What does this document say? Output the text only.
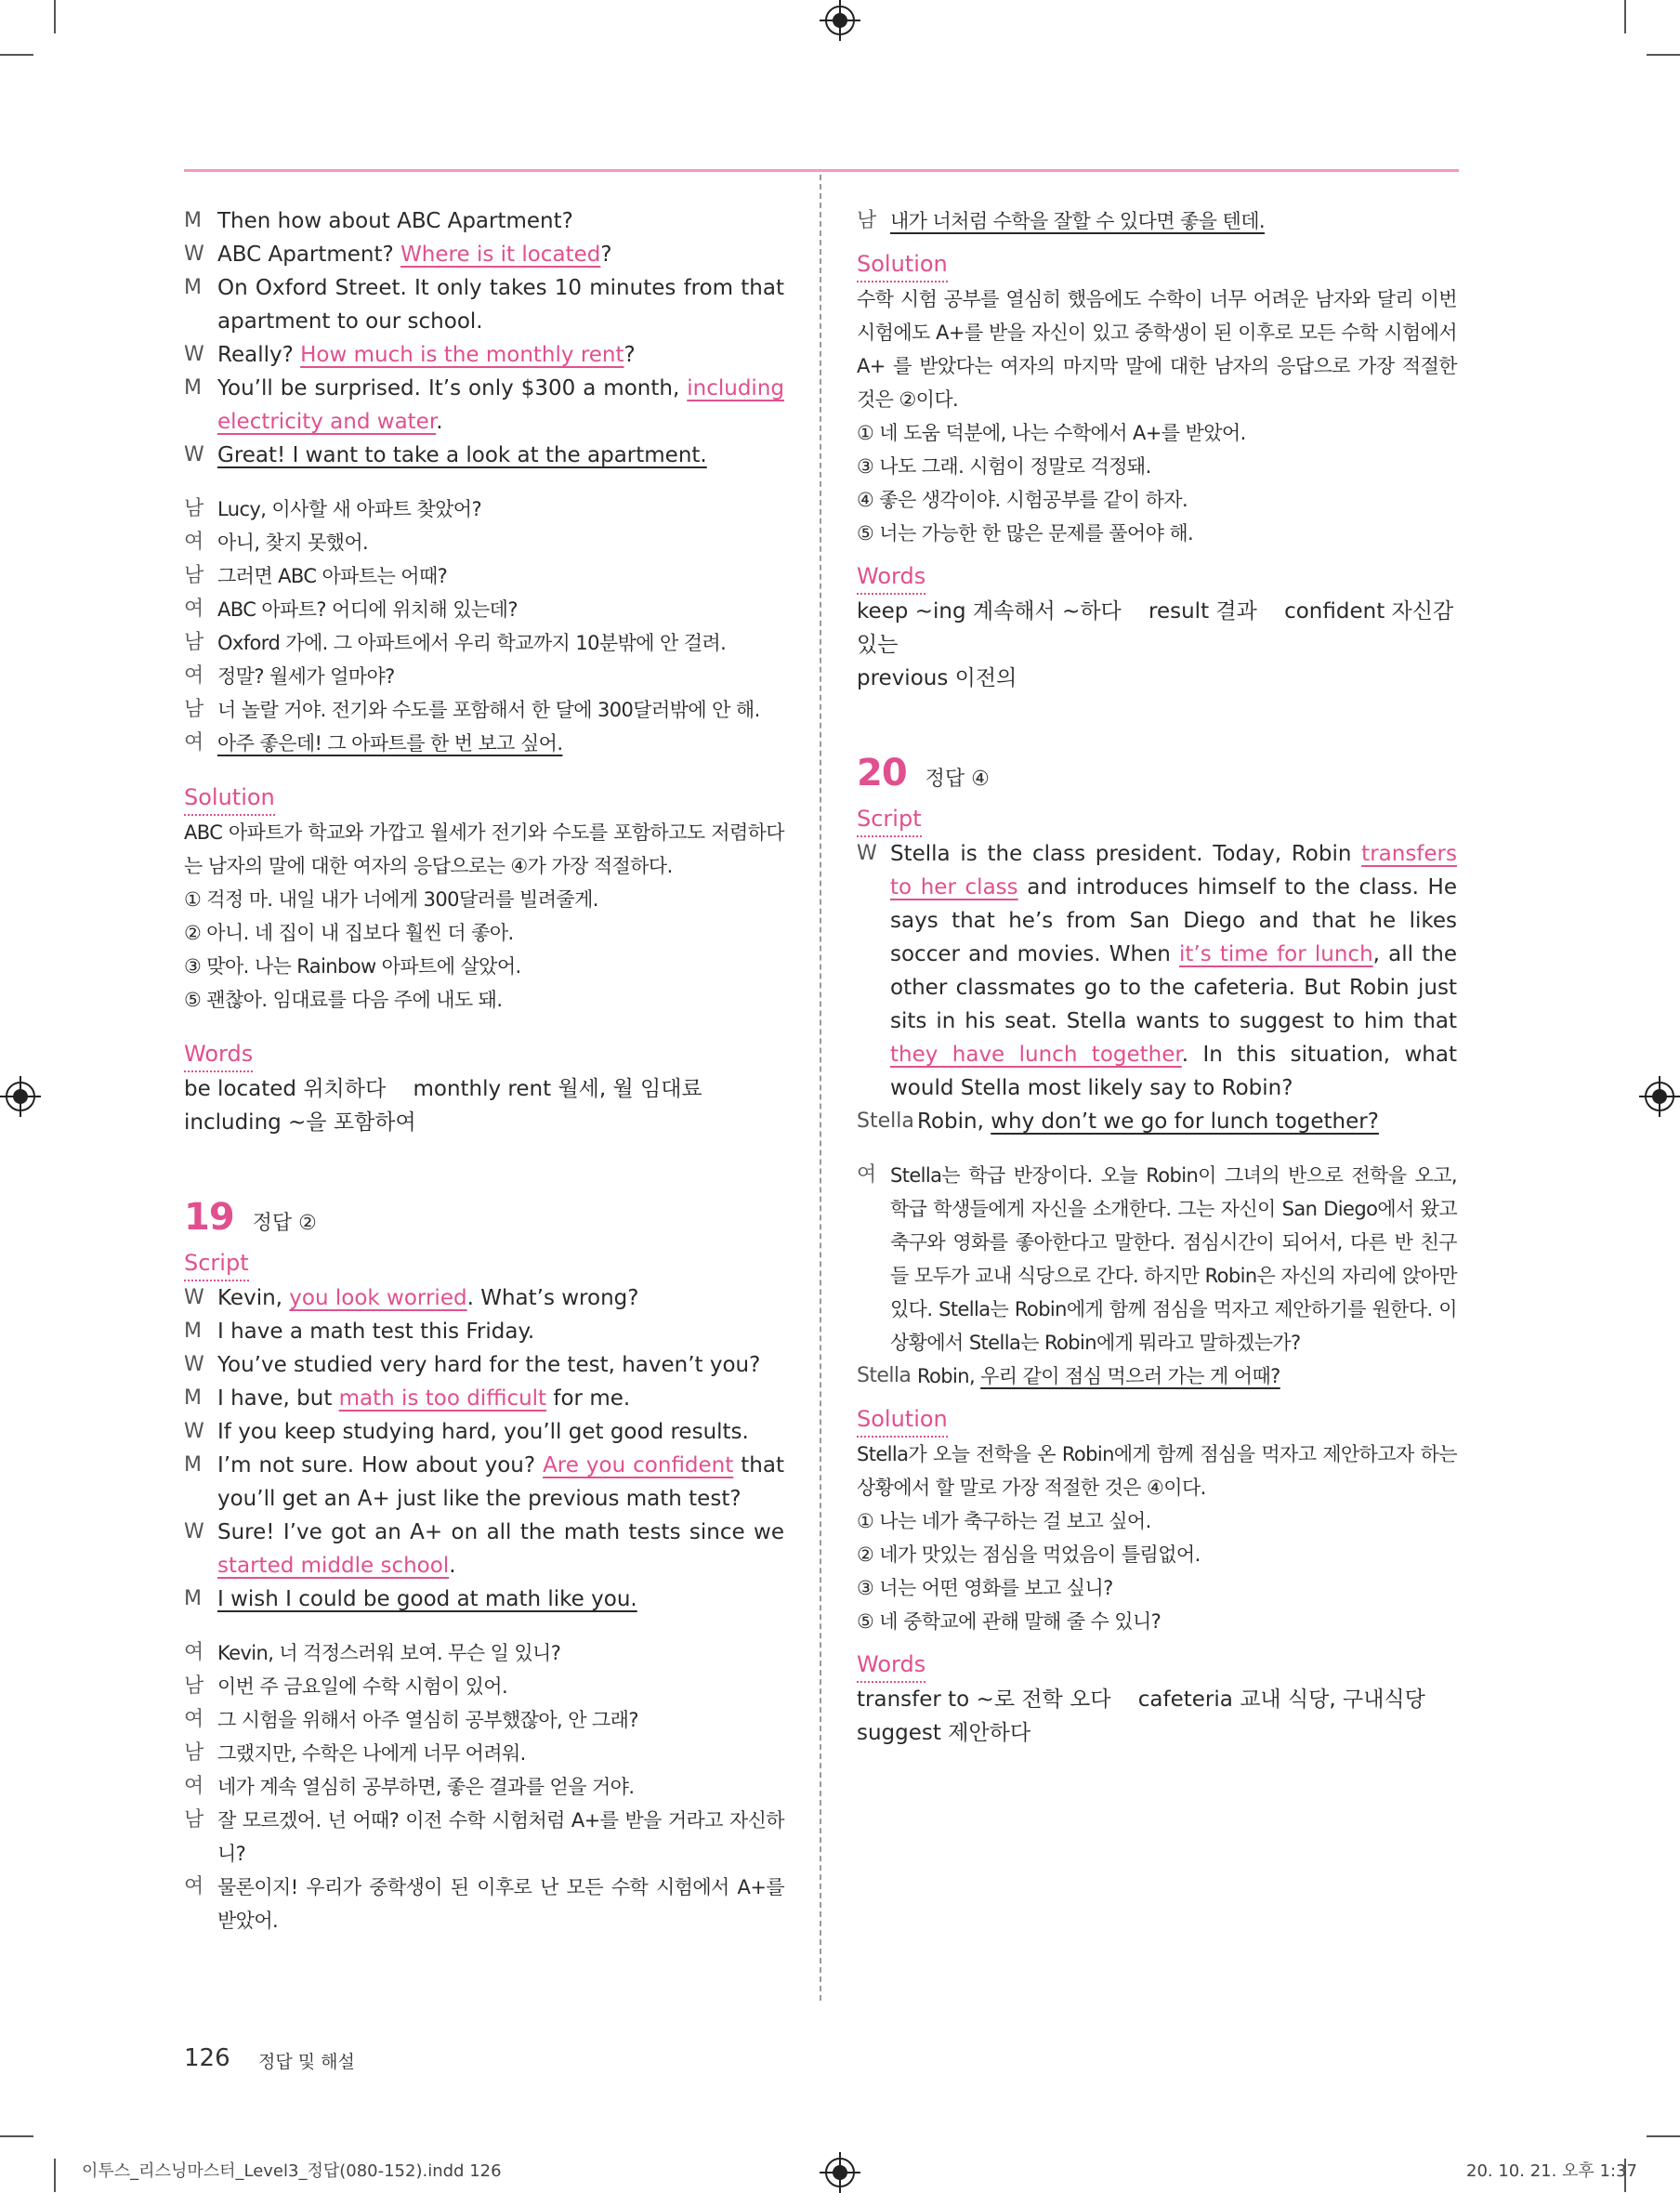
M Then how about ABC Apartment?
W ABC Apartment? Where is it located?
M On Oxford Street. It only takes 10 minutes from that apartment to our school.
W Really? How much is the monthly rent?
M You’ll be surprised. It’s only $300 a month, including electricity and water.
W Great! I want to take a look at the apartment.
남 Lucy, 이사할 새 아파트 찾았어?
여 아니, 찾지 못했어.
남 그러면 ABC 아파트는 어때?
여 ABC 아파트? 어디에 위치해 있는데?
남 Oxford 가에. 그 아파트에서 우리 학교까지 10분밖에 안 걸려.
여 정말? 월세가 얼마야?
남 너 놀랄 거야. 전기와 수도를 포함해서 한 달에 300달러밖에 안 해.
여 아주 좋은데! 그 아파트를 한 번 보고 싶어.
Solution
ABC 아파트가 학교와 가깝고 월세가 전기와 수도를 포함하고도 저렴하다는 남자의 말에 대한 여자의 응답으로는 ④가 가장 적절하다.
① 걱정 마. 내일 내가 너에게 300달러를 빌려줄게.
② 아니. 네 집이 내 집보다 훨씬 더 좋아.
③ 맞아. 나는 Rainbow 아파트에 살았어.
⑤ 괜찮아. 임대료를 다음 주에 내도 돼.
Words
be located 위치하다 monthly rent 월세, 월 임대료    including ~을 포함하여
19 정답 ②
Script
W Kevin, you look worried. What’s wrong?
M I have a math test this Friday.
W You’ve studied very hard for the test, haven’t you?
M I have, but math is too difficult for me.
W If you keep studying hard, you’ll get good results.
M I’m not sure. How about you? Are you confident that you’ll get an A+ just like the previous math test?
W Sure! I’ve got an A+ on all the math tests since we started middle school.
M I wish I could be good at math like you.
여 Kevin, 너 걱정스러워 보여. 무슨 일 있니?
남 이번 주 금요일에 수학 시험이 있어.
여 그 시험을 위해서 아주 열심히 공부했잖아, 안 그래?
남 그랬지만, 수학은 나에게 너무 어려워.
여 네가 계속 열심히 공부하면, 좋은 결과를 얻을 거야.
남 잘 모르겠어. 넌 어때? 이전 수학 시험처럼 A+를 받을 거라고 자신하니?
여 물론이지! 우리가 중학생이 된 이후로 난 모든 수학 시험에서 A+를 받았어.
남 내가 너처럼 수학을 잘할 수 있다면 좋을 텐데.
Solution
수학 시험 공부를 열심히 했음에도 수학이 너무 어려운 남자와 달리 이번 시험에도 A+를 받을 자신이 있고 중학생이 된 이후로 모든 수학 시험에서 A+ 를 받았다는 여자의 마지막 말에 대한 남자의 응답으로 가장 적절한 것은 ②이다.
① 네 도움 덕분에, 나는 수학에서 A+를 받았어.
③ 나도 그래. 시험이 정말로 걱정돼.
④ 좋은 생각이야. 시험공부를 같이 하자.
⑤ 너는 가능한 한 많은 문제를 풀어야 해.
Words
keep ~ing 계속해서 ~하다 result 결과 confident 자신감 있는
previous 이전의
20 정답 ④
Script
W Stella is the class president. Today, Robin transfers to her class and introduces himself to the class. He says that he’s from San Diego and that he likes soccer and movies. When it’s time for lunch, all the other classmates go to the cafeteria. But Robin just sits in his seat. Stella wants to suggest to him that they have lunch together. In this situation, what would Stella most likely say to Robin?
Stella Robin, why don’t we go for lunch together?
여 Stella는 학급 반장이다. 오늘 Robin이 그녀의 반으로 전학을 오고, 학급 학생들에게 자신을 소개한다. 그는 자신이 San Diego에서 왔고 축구와 영화를 좋아한다고 말한다. 점심시간이 되어서, 다른 반 친구들 모두가 교내 식당으로 간다. 하지만 Robin은 자신의 자리에 앉아만 있다. Stella는 Robin에게 함께 점심을 먹자고 제안하기를 원한다. 이 상황에서 Stella는 Robin에게 뭐라고 말하겠는가?
Stella Robin, 우리 같이 점심 먹으러 가는 게 어때?
Solution
Stella가 오늘 전학을 온 Robin에게 함께 점심을 먹자고 제안하고자 하는 상황에서 할 말로 가장 적절한 것은 ④이다.
① 나는 네가 축구하는 걸 보고 싶어.
② 네가 맛있는 점심을 먹었음이 틀림없어.
③ 너는 어떤 영화를 보고 싶니?
⑤ 네 중학교에 관해 말해 줄 수 있니?
Words
transfer to ~로 전학 오다 cafeteria 교내 식당, 구내식당
suggest 제안하다
126 정답 및 해설
이투스_리스닝마스터_Level3_정답(080-152).indd 126	20. 10. 21. 오후 1:37
